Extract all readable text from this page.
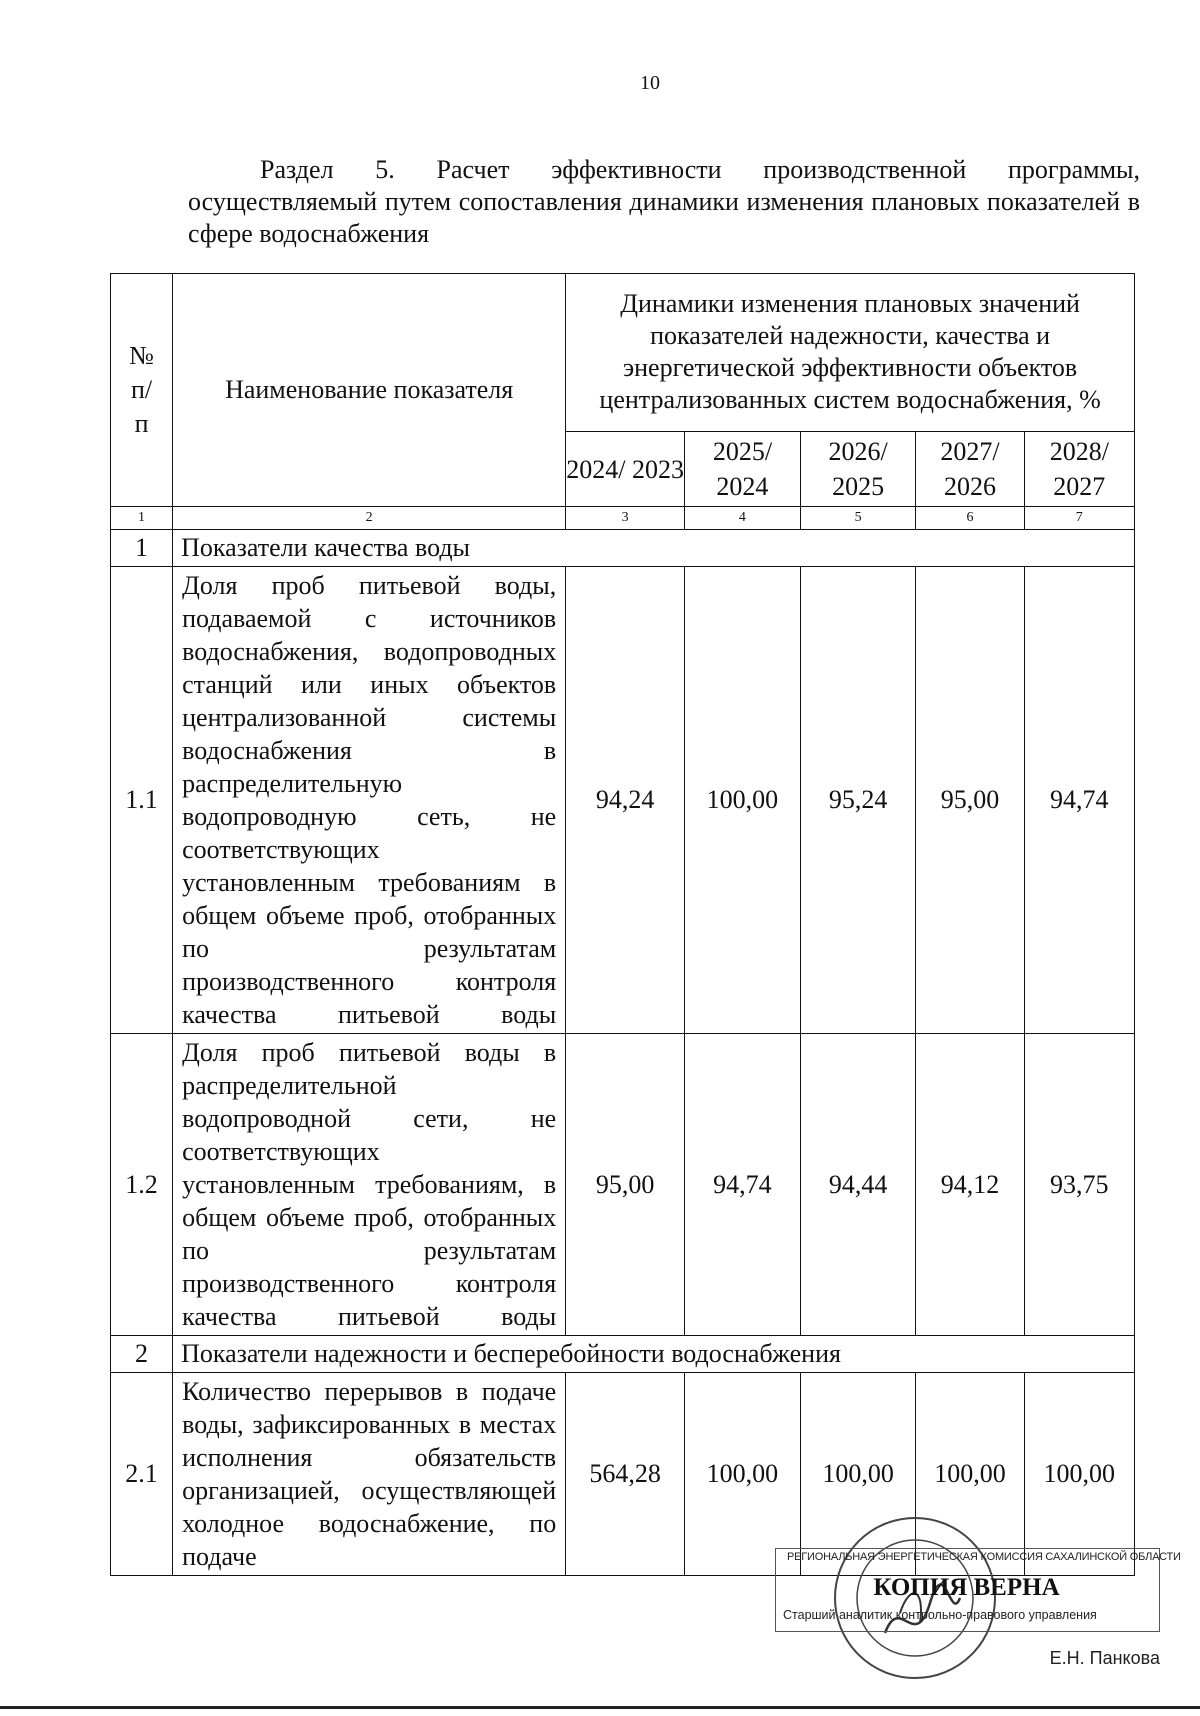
10
Раздел 5. Расчет эффективности производственной программы, осуществляемый путем сопоставления динамики изменения плановых показателей в сфере водоснабжения
№ п/п	Наименование показателя	Динамики изменения плановых значений показателей надежности, качества и энергетической эффективности объектов централизованных систем водоснабжения, %				
		2024/ 2023	2025/ 2024	2026/ 2025	2027/ 2026	2028/ 2027
1	2	3	4	5	6	7
1	Показатели качества воды					
1.1	Доля проб питьевой воды, подаваемой с источников водоснабжения, водопроводных станций или иных объектов централизованной системы водоснабжения в распределительную водопроводную сеть, не соответствующих установленным требованиям в общем объеме проб, отобранных по результатам производственного контроля качества питьевой воды	94,24	100,00	95,24	95,00	94,74
1.2	Доля проб питьевой воды в распределительной водопроводной сети, не соответствующих установленным требованиям, в общем объеме проб, отобранных по результатам производственного контроля качества питьевой воды	95,00	94,74	94,44	94,12	93,75
2	Показатели надежности и бесперебойности водоснабжения					
2.1	Количество перерывов в подаче воды, зафиксированных в местах исполнения обязательств организацией, осуществляющей холодное водоснабжение, по подаче	564,28	100,00	100,00	100,00	100,00
РЕГИОНАЛЬНАЯ ЭНЕРГЕТИЧЕСКАЯ КОМИССИЯ САХАЛИНСКОЙ ОБЛАСТИ
КОПИЯ ВЕРНА
Старший аналитик контрольно-правового управления
Е.Н. Панкова
